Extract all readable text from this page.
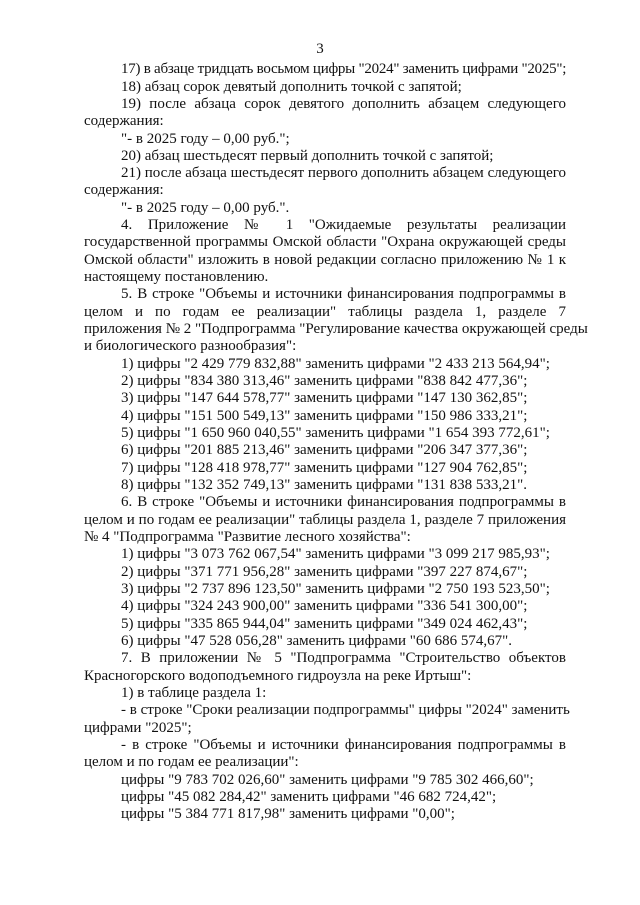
3
17) в абзаце тридцать восьмом цифры "2024" заменить цифрами "2025";
18) абзац сорок девятый дополнить точкой с запятой;
19) после абзаца сорок девятого дополнить абзацем следующего
содержания:
"- в 2025 году – 0,00 руб.";
20) абзац шестьдесят первый дополнить точкой с запятой;
21) после абзаца шестьдесят первого дополнить абзацем следующего
содержания:
"- в 2025 году – 0,00 руб.".
4. Приложение № 1 "Ожидаемые результаты реализации
государственной программы Омской области "Охрана окружающей среды
Омской области" изложить в новой редакции согласно приложению № 1 к
настоящему постановлению.
5. В строке "Объемы и источники финансирования подпрограммы в
целом и по годам ее реализации" таблицы раздела 1, разделе 7
приложения № 2 "Подпрограмма "Регулирование качества окружающей среды
и биологического разнообразия":
1) цифры "2 429 779 832,88" заменить цифрами "2 433 213 564,94";
2) цифры "834 380 313,46" заменить цифрами "838 842 477,36";
3) цифры "147 644 578,77" заменить цифрами "147 130 362,85";
4) цифры "151 500 549,13" заменить цифрами "150 986 333,21";
5) цифры "1 650 960 040,55" заменить цифрами "1 654 393 772,61";
6) цифры "201 885 213,46" заменить цифрами "206 347 377,36";
7) цифры "128 418 978,77" заменить цифрами "127 904 762,85";
8) цифры "132 352 749,13" заменить цифрами "131 838 533,21".
6. В строке "Объемы и источники финансирования подпрограммы в
целом и по годам ее реализации" таблицы раздела 1, разделе 7 приложения
№ 4 "Подпрограмма "Развитие лесного хозяйства":
1) цифры "3 073 762 067,54" заменить цифрами "3 099 217 985,93";
2) цифры "371 771 956,28" заменить цифрами "397 227 874,67";
3) цифры "2 737 896 123,50" заменить цифрами "2 750 193 523,50";
4) цифры "324 243 900,00" заменить цифрами "336 541 300,00";
5) цифры "335 865 944,04" заменить цифрами "349 024 462,43";
6) цифры "47 528 056,28" заменить цифрами "60 686 574,67".
7. В приложении № 5 "Подпрограмма "Строительство объектов
Красногорского водоподъемного гидроузла на реке Иртыш":
1) в таблице раздела 1:
- в строке "Сроки реализации подпрограммы" цифры "2024" заменить
цифрами "2025";
- в строке "Объемы и источники финансирования подпрограммы в
целом и по годам ее реализации":
цифры "9 783 702 026,60" заменить цифрами "9 785 302 466,60";
цифры "45 082 284,42" заменить цифрами "46 682 724,42";
цифры "5 384 771 817,98" заменить цифрами "0,00";
